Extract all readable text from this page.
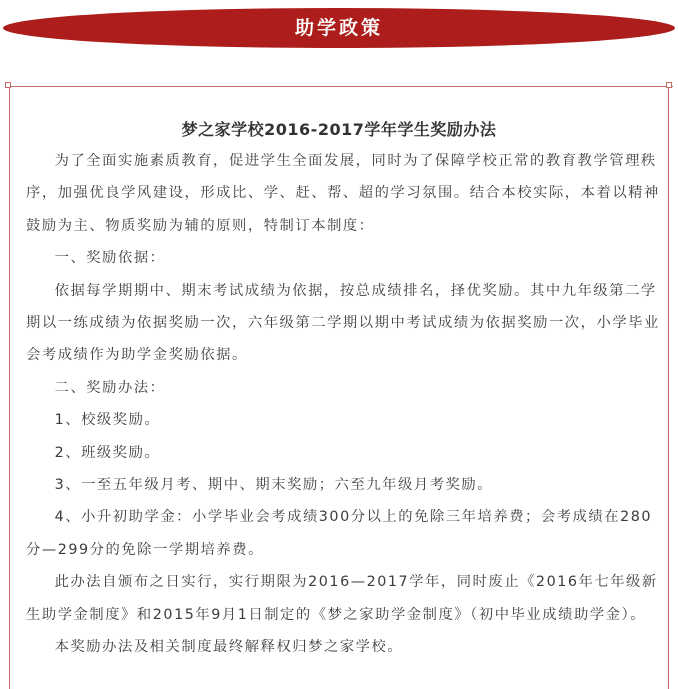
助学政策
梦之家学校2016-2017学年学生奖励办法

为了全面实施素质教育，促进学生全面发展，同时为了保障学校正常的教育教学管理秩序，加强优良学风建设，形成比、学、赶、帮、超的学习氛围。结合本校实际，本着以精神鼓励为主、物质奖励为辅的原则，特制订本制度：

一、奖励依据：

依据每学期期中、期末考试成绩为依据，按总成绩排名，择优奖励。其中九年级第二学期以一练成绩为依据奖励一次，六年级第二学期以期中考试成绩为依据奖励一次，小学毕业会考成绩作为助学金奖励依据。

二、奖励办法：

1、校级奖励。

2、班级奖励。

3、一至五年级月考、期中、期末奖励；六至九年级月考奖励。

4、小升初助学金：小学毕业会考成绩300分以上的免除三年培养费；会考成绩在280分—299分的免除一学期培养费。

此办法自颁布之日实行，实行期限为2016—2017学年，同时废止《2016年七年级新生助学金制度》和2015年9月1日制定的《梦之家助学金制度》（初中毕业成绩助学金）。

本奖励办法及相关制度最终解释权归梦之家学校。
